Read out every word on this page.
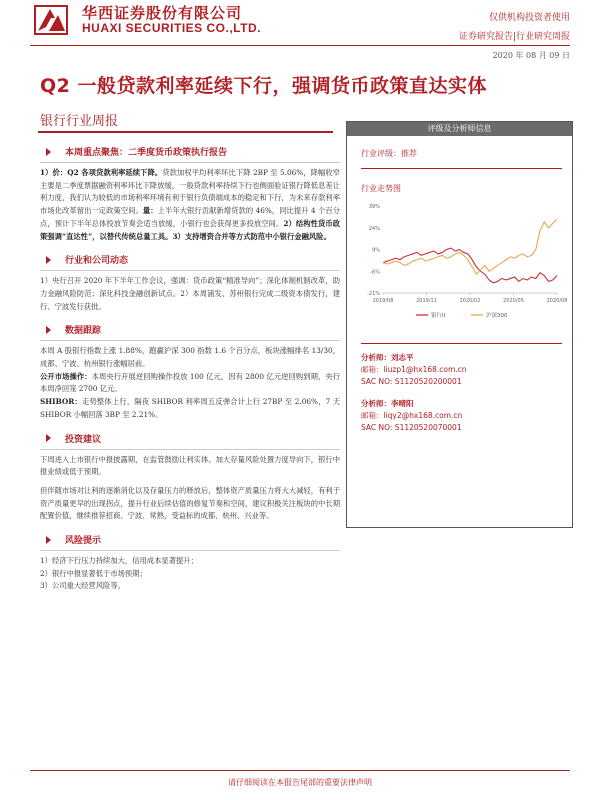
华西证券股份有限公司
HUAXI SECURITIES CO.,LTD.
仅供机构投资者使用
证券研究报告|行业研究周报
2020 年 08 月 09 日
Q2 一般贷款利率延续下行，强调货币政策直达实体
银行行业周报
本周重点聚焦：二季度货币政策执行报告

1）价：Q2 各项贷款利率延续下降。贷款加权平均利率环比下降 2BP 至 5.06%，降幅收窄主要是二季度票据融资利率环比下降放缓，一般贷款利率持续下行也侧面验证银行降低息差让利力度，我们认为较低的市场利率环境有利于银行负债端成本的稳定和下行，为未来存款利率市场化改革留出一定政策空间。量：上半年大银行贡献新增贷款的 46%，同比提升 4 个百分点，预计下半年总体投放节奏会适当放缓，小银行也会获得更多投放空间。2）结构性货币政策强调“直达性”，以替代传统总量工具。3）支持增资合并等方式防范中小银行金融风险。

行业和公司动态

1）央行召开 2020 年下半年工作会议，强调：货币政策“精准导向”；深化体制机制改革，助力金融风险防范；深化科技金融创新试点。2）本周浦发、苏州银行完成二级资本债发行，建行、宁波发行获批。

数据跟踪

本周 A 股银行指数上涨 1.88%，跑赢沪深 300 指数 1.6 个百分点，板块涨幅排名 13/30，成都、宁波、杭州银行涨幅居前。

公开市场操作：本周央行开展逆回购操作投放 100 亿元，因有 2800 亿元逆回购到期，央行本周净回笼 2700 亿元。

SHIBOR：走势整体上行，隔夜 SHIBOR 利率周五反弹合计上行 27BP 至 2.06%，7 天 SHIBOR 小幅回落 3BP 至 2.21%。

投资建议

下周进入上市银行中报披露期，在监管鼓励让利实体、加大存量风险处置力度导向下，银行中报业绩或低于预期。

但伴随市场对让利的逐渐消化以及存量压力的释放后，整体资产质量压力将大大减轻，有利于资产质量更早的出现拐点，提升行业后续估值的修复节奏和空间，建议积极关注板块的中长期配置价值，继续推荐招商、宁波、常熟，受益标的成都、杭州、兴业等。

风险提示

1）经济下行压力持续加大，信用成本显著提升；

2）银行中报显著低于市场预期；

3）公司重大经营风险等。

评级及分析师信息
行业评级：推荐
行业走势图
39%
24%
9%
-6%
-21%
2019/08	2019/11	2020/02	2020/05	2020/08
银行II	沪深300
分析师：刘志平
邮箱：liuzp1@hx168.com.cn
SAC NO: S1120520200001
分析师：李晴阳
邮箱：liqy2@hx168.com.cn
SAC NO: S1120520070001
请仔细阅读在本报告尾部的重要法律声明
